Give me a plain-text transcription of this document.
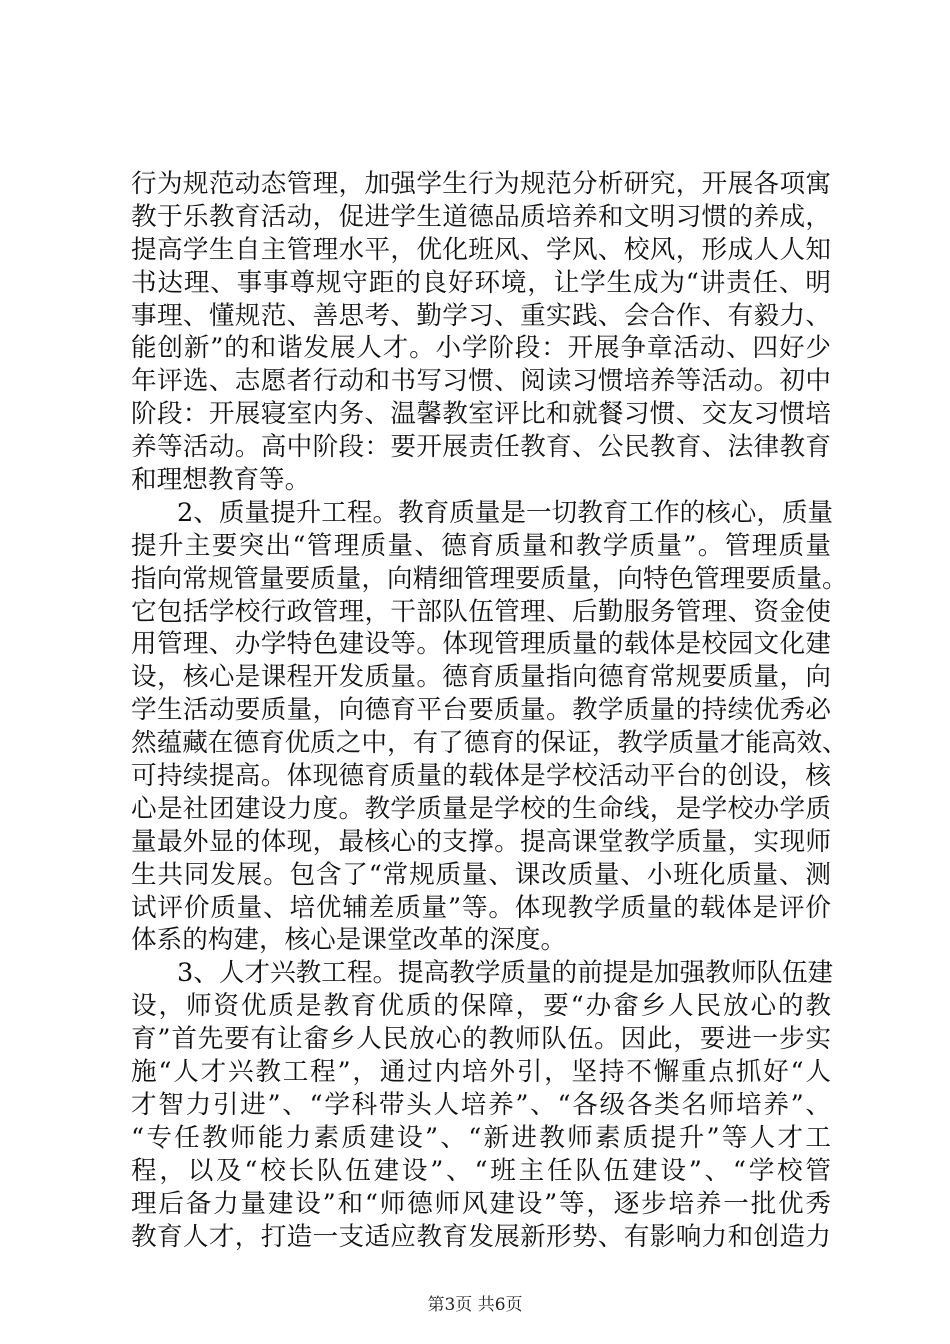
行为规范动态管理，加强学生行为规范分析研究，开展各项寓
教于乐教育活动，促进学生道德品质培养和文明习惯的养成，
提高学生自主管理水平，优化班风、学风、校风，形成人人知
书达理、事事尊规守距的良好环境，让学生成为“讲责任、明
事理、懂规范、善思考、勤学习、重实践、会合作、有毅力、
能创新”的和谐发展人才。小学阶段：开展争章活动、四好少
年评选、志愿者行动和书写习惯、阅读习惯培养等活动。初中
阶段：开展寝室内务、温馨教室评比和就餐习惯、交友习惯培
养等活动。高中阶段：要开展责任教育、公民教育、法律教育
和理想教育等。
2、质量提升工程。教育质量是一切教育工作的核心，质量
提升主要突出“管理质量、德育质量和教学质量”。管理质量
指向常规管量要质量，向精细管理要质量，向特色管理要质量。
它包括学校行政管理，干部队伍管理、后勤服务管理、资金使
用管理、办学特色建设等。体现管理质量的载体是校园文化建
设，核心是课程开发质量。德育质量指向德育常规要质量，向
学生活动要质量，向德育平台要质量。教学质量的持续优秀必
然蕴藏在德育优质之中，有了德育的保证，教学质量才能高效、
可持续提高。体现德育质量的载体是学校活动平台的创设，核
心是社团建设力度。教学质量是学校的生命线，是学校办学质
量最外显的体现，最核心的支撑。提高课堂教学质量，实现师
生共同发展。包含了“常规质量、课改质量、小班化质量、测
试评价质量、培优辅差质量”等。体现教学质量的载体是评价
体系的构建，核心是课堂改革的深度。
3、人才兴教工程。提高教学质量的前提是加强教师队伍建
设，师资优质是教育优质的保障，要“办畲乡人民放心的教
育”首先要有让畲乡人民放心的教师队伍。因此，要进一步实
施“人才兴教工程”，通过内培外引，坚持不懈重点抓好“人
才智力引进”、“学科带头人培养”、“各级各类名师培养”、
“专任教师能力素质建设”、“新进教师素质提升”等人才工
程，以及“校长队伍建设”、“班主任队伍建设”、“学校管
理后备力量建设”和“师德师风建设”等，逐步培养一批优秀
教育人才，打造一支适应教育发展新形势、有影响力和创造力
第3页 共6页
